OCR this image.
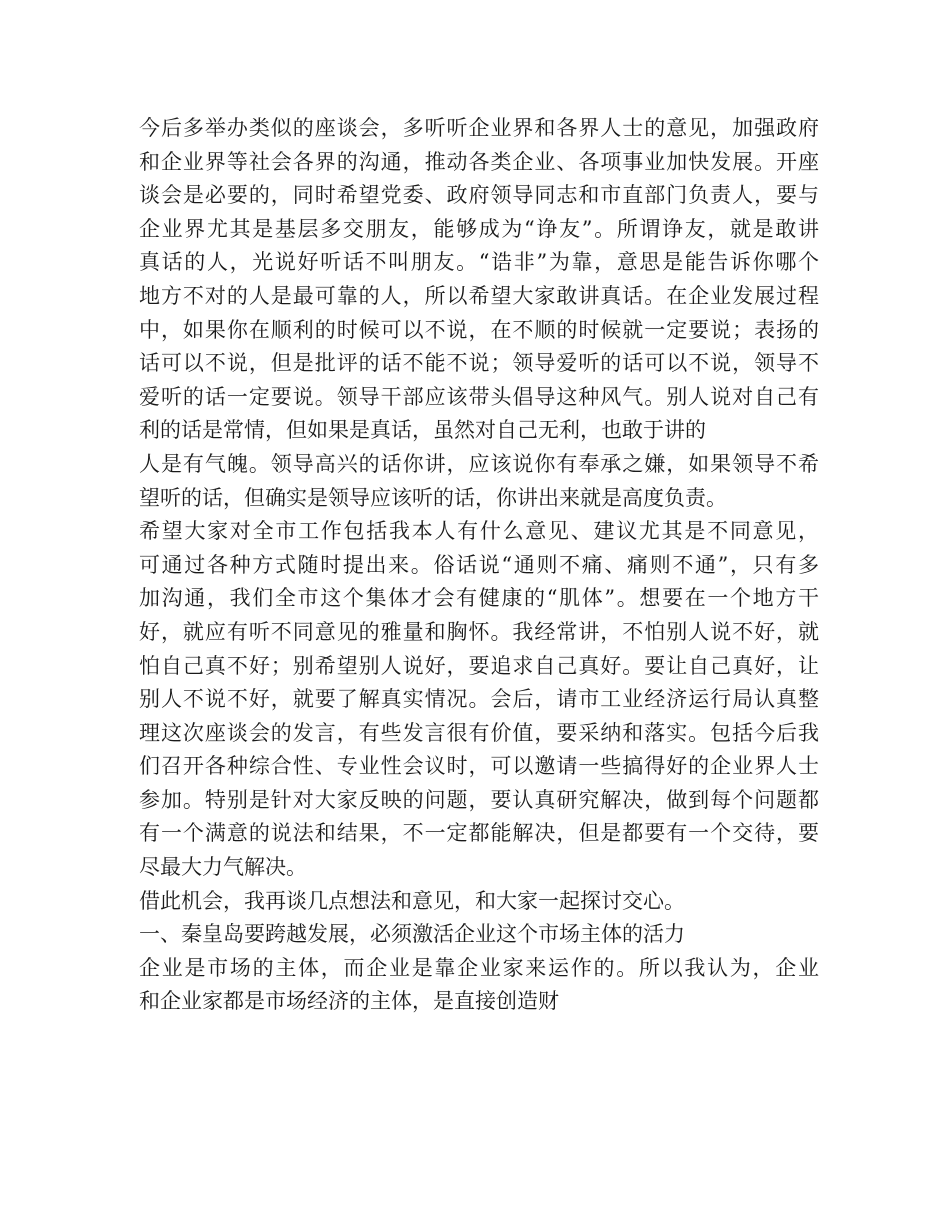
今后多举办类似的座谈会，多听听企业界和各界人士的意见，加强政府
和企业界等社会各界的沟通，推动各类企业、各项事业加快发展。开座
谈会是必要的，同时希望党委、政府领导同志和市直部门负责人，要与
企业界尤其是基层多交朋友，能够成为“诤友”。所谓诤友，就是敢讲
真话的人，光说好听话不叫朋友。“诰非”为靠，意思是能告诉你哪个
地方不对的人是最可靠的人，所以希望大家敢讲真话。在企业发展过程
中，如果你在顺利的时候可以不说，在不顺的时候就一定要说；表扬的
话可以不说，但是批评的话不能不说；领导爱听的话可以不说，领导不
爱听的话一定要说。领导干部应该带头倡导这种风气。别人说对自己有
利的话是常情，但如果是真话，虽然对自己无利，也敢于讲的
人是有气魄。领导高兴的话你讲，应该说你有奉承之嫌，如果领导不希
望听的话，但确实是领导应该听的话，你讲出来就是高度负责。
希望大家对全市工作包括我本人有什么意见、建议尤其是不同意见，
可通过各种方式随时提出来。俗话说“通则不痛、痛则不通”，只有多
加沟通，我们全市这个集体才会有健康的“肌体”。想要在一个地方干
好，就应有听不同意见的雅量和胸怀。我经常讲，不怕别人说不好，就
怕自己真不好；别希望别人说好，要追求自己真好。要让自己真好，让
别人不说不好，就要了解真实情况。会后，请市工业经济运行局认真整
理这次座谈会的发言，有些发言很有价值，要采纳和落实。包括今后我
们召开各种综合性、专业性会议时，可以邀请一些搞得好的企业界人士
参加。特别是针对大家反映的问题，要认真研究解决，做到每个问题都
有一个满意的说法和结果，不一定都能解决，但是都要有一个交待，要
尽最大力气解决。
借此机会，我再谈几点想法和意见，和大家一起探讨交心。
一、秦皇岛要跨越发展，必须激活企业这个市场主体的活力
企业是市场的主体，而企业是靠企业家来运作的。所以我认为，企业
和企业家都是市场经济的主体，是直接创造财
